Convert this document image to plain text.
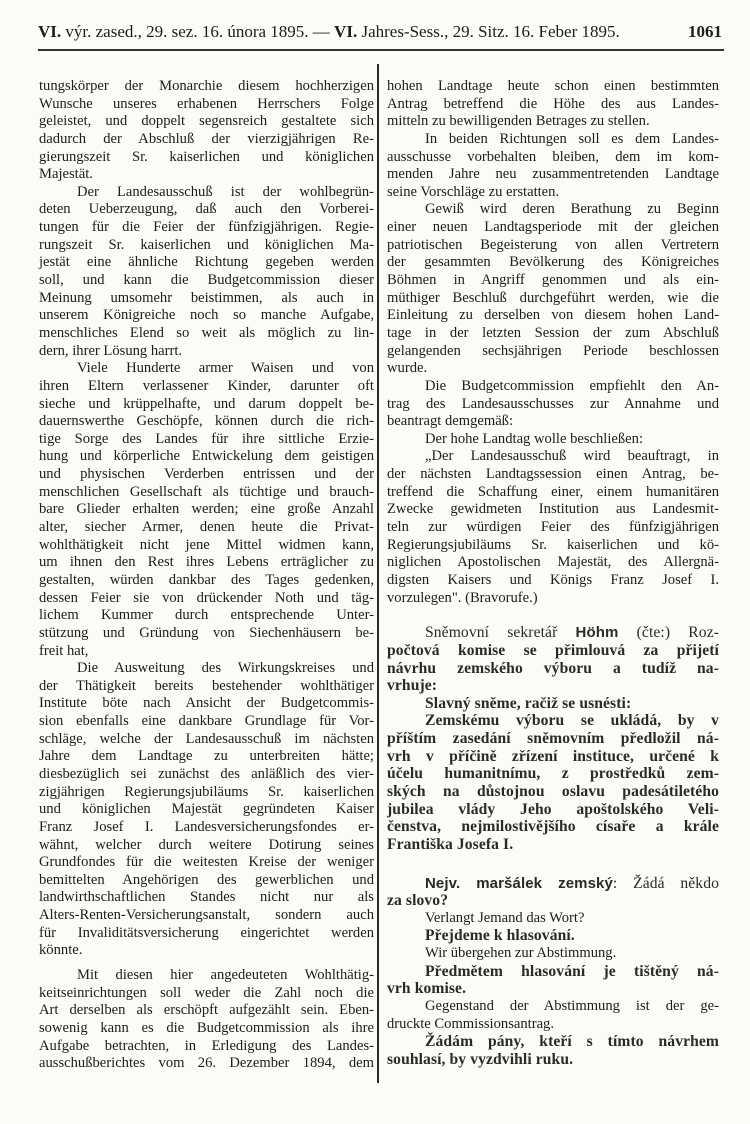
VI. výr. zased., 29. sez. 16. února 1895. — VI. Jahres-Sess., 29. Sitz. 16. Feber 1895.	1061
tungskörper der Monarchie diesem hochherzigen
Wunsche unseres erhabenen Herrschers Folge
geleistet, und doppelt segensreich gestaltete sich
dadurch der Abschluß der vierzigjährigen Re-
gierungszeit Sr. kaiserlichen und königlichen
Majestät.
Der Landesausschuß ist der wohlbegrün-
deten Ueberzeugung, daß auch den Vorberei-
tungen für die Feier der fünfzigjährigen. Regie-
rungszeit Sr. kaiserlichen und königlichen Ma-
jestät eine ähnliche Richtung gegeben werden
soll, und kann die Budgetcommission dieser
Meinung umsomehr beistimmen, als auch in
unserem Königreiche noch so manche Aufgabe,
menschliches Elend so weit als möglich zu lin-
dern, ihrer Lösung harrt.
Viele Hunderte armer Waisen und von
ihren Eltern verlassener Kinder, darunter oft
sieche und krüppelhafte, und darum doppelt be-
dauernswerthe Geschöpfe, können durch die rich-
tige Sorge des Landes für ihre sittliche Erzie-
hung und körperliche Entwickelung dem geistigen
und physischen Verderben entrissen und der
menschlichen Gesellschaft als tüchtige und brauch-
bare Glieder erhalten werden; eine große Anzahl
alter, siecher Armer, denen heute die Privat-
wohlthätigkeit nicht jene Mittel widmen kann,
um ihnen den Rest ihres Lebens erträglicher zu
gestalten, würden dankbar des Tages gedenken,
dessen Feier sie von drückender Noth und täg-
lichem Kummer durch entsprechende Unter-
stützung und Gründung von Siechenhäusern be-
freit hat,
Die Ausweitung des Wirkungskreises und
der Thätigkeit bereits bestehender wohlthätiger
Institute böte nach Ansicht der Budgetcommis-
sion ebenfalls eine dankbare Grundlage für Vor-
schläge, welche der Landesausschuß im nächsten
Jahre dem Landtage zu unterbreiten hätte;
diesbezüglich sei zunächst des anläßlich des vier-
zigjährigen Regierungsjubiläums Sr. kaiserlichen
und königlichen Majestät gegründeten Kaiser
Franz Josef I. Landesversicherungsfondes er-
wähnt, welcher durch weitere Dotirung seines
Grundfondes für die weitesten Kreise der weniger
bemittelten Angehörigen des gewerblichen und
landwirthschaftlichen Standes nicht nur als
Alters-Renten-Versicherungsanstalt, sondern auch
für Invaliditätsversicherung eingerichtet werden
könnte.
Mit diesen hier angedeuteten Wohlthätig-
keitseinrichtungen soll weder die Zahl noch die
Art derselben als erschöpft aufgezählt sein. Eben-
sowenig kann es die Budgetcommission als ihre
Aufgabe betrachten, in Erledigung des Landes-
ausschußberichtes vom 26. Dezember 1894, dem
hohen Landtage heute schon einen bestimmten
Antrag betreffend die Höhe des aus Landes-
mitteln zu bewilligenden Betrages zu stellen.
In beiden Richtungen soll es dem Landes-
ausschusse vorbehalten bleiben, dem im kom-
menden Jahre neu zusammentretenden Landtage
seine Vorschläge zu erstatten.
Gewiß wird deren Berathung zu Beginn
einer neuen Landtagsperiode mit der gleichen
patriotischen Begeisterung von allen Vertretern
der gesammten Bevölkerung des Königreiches
Böhmen in Angriff genommen und als ein-
müthiger Beschluß durchgeführt werden, wie die
Einleitung zu derselben von diesem hohen Land-
tage in der letzten Session der zum Abschluß
gelangenden sechsjährigen Periode beschlossen
wurde.
Die Budgetcommission empfiehlt den An-
trag des Landesausschusses zur Annahme und
beantragt demgemäß:
Der hohe Landtag wolle beschließen:
„Der Landesausschuß wird beauftragt, in
der nächsten Landtagssession einen Antrag, be-
treffend die Schaffung einer, einem humanitären
Zwecke gewidmeten Institution aus Landesmit-
teln zur würdigen Feier des fünfzigjährigen
Regierungsjubiläums Sr. kaiserlichen und kö-
niglichen Apostolischen Majestät, des Allergnä-
digsten Kaisers und Königs Franz Josef I.
vorzulegen". (Bravorufe.)
Sněmovní sekretář Höhm (čte:) Roz-
počtová komise se přimlouvá za přijetí
návrhu zemského výboru a tudíž na-
vrhuje:
Slavný sněme, račiž se usnésti:
Zemskému výboru se ukládá, by v
příštím zasedání sněmovním předložil ná-
vrh v příčině zřízení instituce, určené k
účelu humanitnímu, z prostředků zem-
ských na důstojnou oslavu padesátiletého
jubilea vlády Jeho apoštolského Veli-
čenstva, nejmilostivějšího císaře a krále
Františka Josefa I.
Nejv. maršálek zemský: Žádá někdo
za slovo?
Verlangt Jemand das Wort?
Přejdeme k hlasování.
Wir übergehen zur Abstimmung.
Předmětem hlasování je tištěný ná-
vrh komise.
Gegenstand der Abstimmung ist der ge-
druckte Commissionsantrag.
Žádám pány, kteří s tímto návrhem
souhlasí, by vyzdvihli ruku.
